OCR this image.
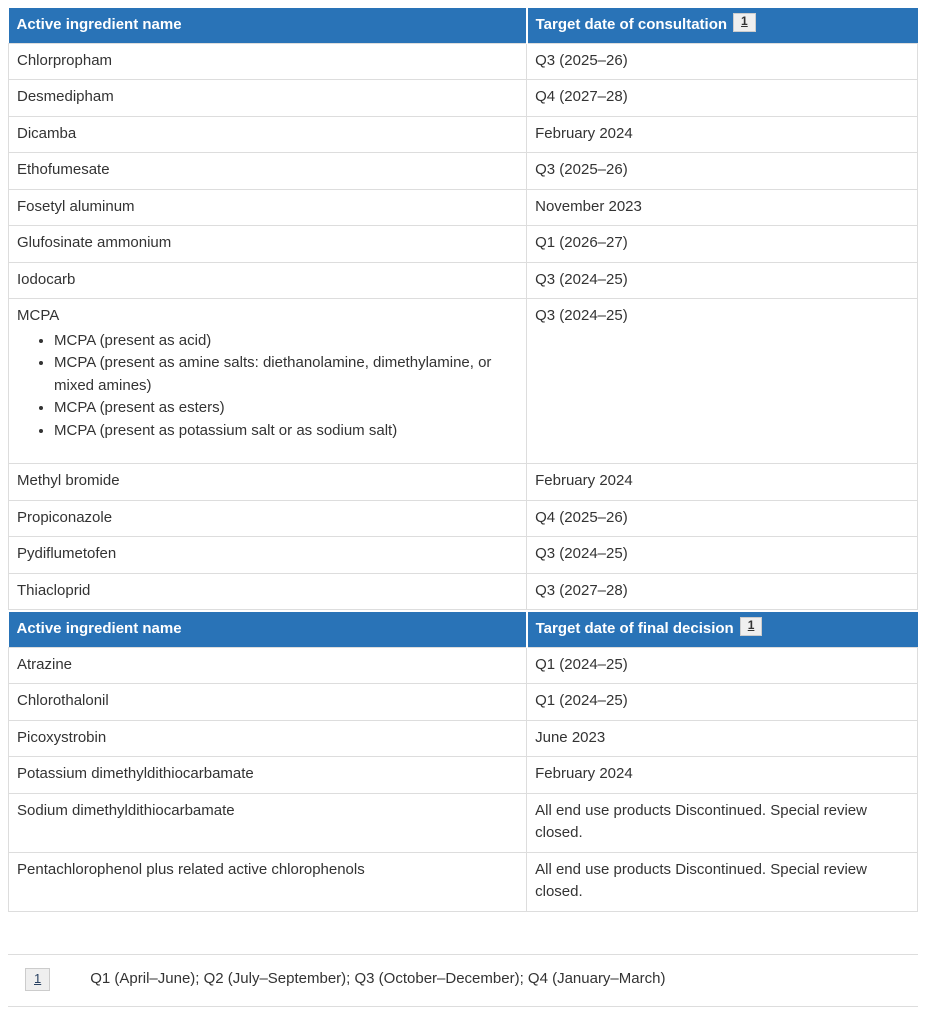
Active ingredient name	Target date of consultation 1

Chlorpropham	Q3 (2025–26)

Desmedipham	Q4 (2027–28)

Dicamba	February 2024

Ethofumesate	Q3 (2025–26)

Fosetyl aluminum	November 2023

Glufosinate ammonium	Q1 (2026–27)

Iodocarb	Q3 (2024–25)

MCPA
• MCPA (present as acid)
• MCPA (present as amine salts: diethanolamine, dimethylamine, or mixed amines)
• MCPA (present as esters)
• MCPA (present as potassium salt or as sodium salt)
	Q3 (2024–25)

Methyl bromide	February 2024

Propiconazole	Q4 (2025–26)

Pydiflumetofen	Q3 (2024–25)

Thiacloprid	Q3 (2027–28)
Active ingredient name	Target date of final decision 1

Atrazine	Q1 (2024–25)

Chlorothalonil	Q1 (2024–25)

Picoxystrobin	June 2023

Potassium dimethyldithiocarbamate	February 2024

Sodium dimethyldithiocarbamate	All end use products Discontinued. Special review closed.

Pentachlorophenol plus related active chlorophenols	All end use products Discontinued. Special review closed.
1	Q1 (April–June); Q2 (July–September); Q3 (October–December); Q4 (January–March)
